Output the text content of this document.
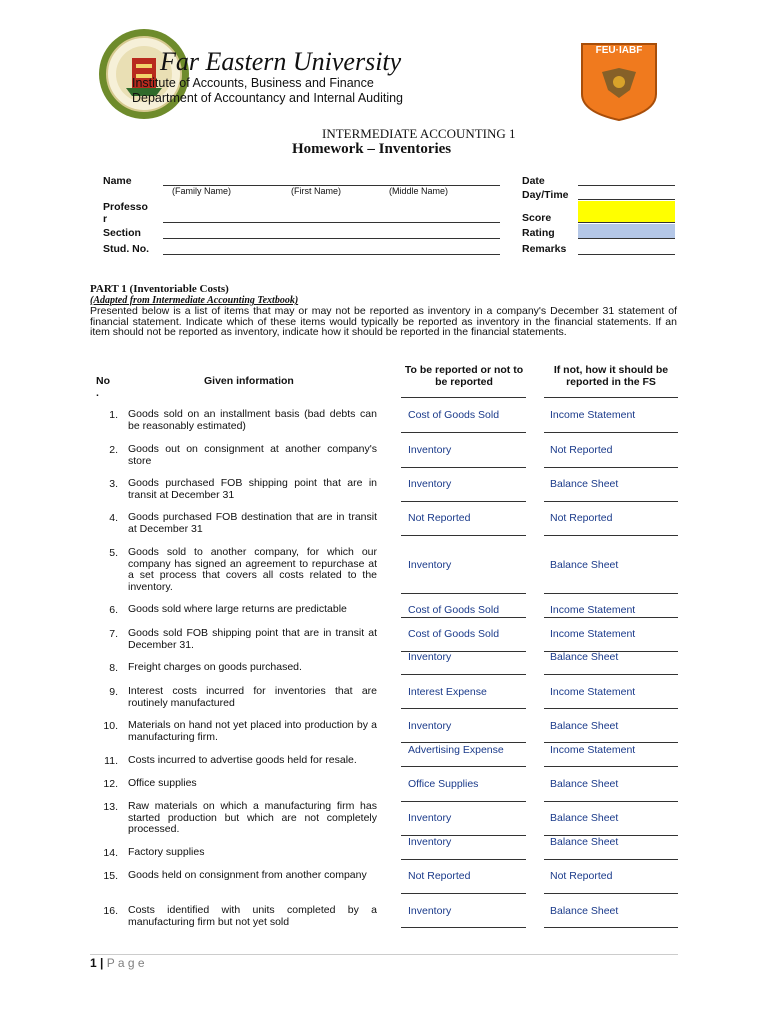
Far Eastern University
Institute of Accounts, Business and Finance
Department of Accountancy and Internal Auditing
FEU·IABF
INTERMEDIATE ACCOUNTING 1
Homework – Inventories
Name
(Family Name)	(First Name)	(Middle Name)
Professo
r
Section
Stud. No.
Date
Day/Time
Score
Rating
Remarks
PART 1 (Inventoriable Costs)
(Adapted from Intermediate Accounting Textbook)
Presented below is a list of items that may or may not be reported as inventory in a company's December 31 statement of financial statement. Indicate which of these items would typically be reported as inventory in the financial statements. If an item should not be reported as inventory, indicate how it should be reported in the financial statements.
No
.
Given information
To be reported or not to be reported
If not, how it should be reported in the FS
1. Goods sold on an installment basis (bad debts can be reasonably estimated)
Cost of Goods Sold	Income Statement
2. Goods out on consignment at another company's store
Inventory	Not Reported
3. Goods purchased FOB shipping point that are in transit at December 31
Inventory	Balance Sheet
4. Goods purchased FOB destination that are in transit at December 31
Not Reported	Not Reported
5. Goods sold to another company, for which our company has signed an agreement to repurchase at a set process that covers all costs related to the inventory.
Inventory	Balance Sheet
6. Goods sold where large returns are predictable	Cost of Goods Sold	Income Statement
7. Goods sold FOB shipping point that are in transit at December 31.
Cost of Goods Sold	Income Statement
8. Freight charges on goods purchased.
Inventory	Balance Sheet
9. Interest costs incurred for inventories that are routinely manufactured
Interest Expense	Income Statement
10. Materials on hand not yet placed into production by a manufacturing firm.
Inventory	Balance Sheet
11. Costs incurred to advertise goods held for resale.
Advertising Expense	Income Statement
12. Office supplies	Office Supplies	Balance Sheet
13. Raw materials on which a manufacturing firm has started production but which are not completely processed.
Inventory	Balance Sheet
14. Factory supplies
Inventory	Balance Sheet
15. Goods held on consignment from another company	Not Reported	Not Reported
16. Costs identified with units completed by a manufacturing firm but not yet sold
Inventory	Balance Sheet
1 | P a g e
